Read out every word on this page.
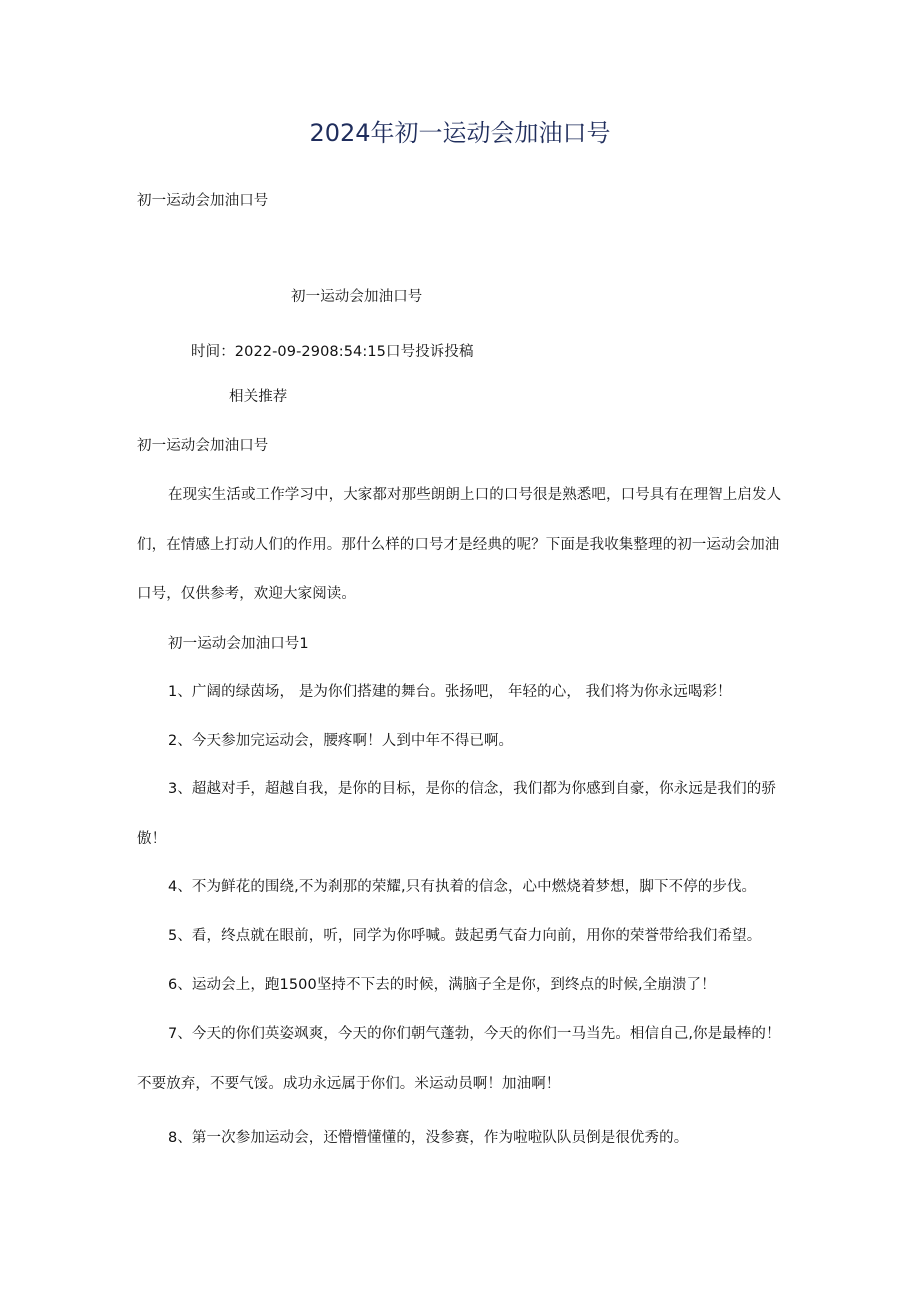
2024年初一运动会加油口号
初一运动会加油口号
初一运动会加油口号
时间：2022-09-2908:54:15口号投诉投稿
相关推荐
初一运动会加油口号
在现实生活或工作学习中，大家都对那些朗朗上口的口号很是熟悉吧，口号具有在理智上启发人
们，在情感上打动人们的作用。那什么样的口号才是经典的呢？下面是我收集整理的初一运动会加油
口号，仅供参考，欢迎大家阅读。
初一运动会加油口号1
1、广阔的绿茵场， 是为你们搭建的舞台。张扬吧， 年轻的心， 我们将为你永远喝彩！
2、今天参加完运动会，腰疼啊！人到中年不得已啊。
3、超越对手，超越自我，是你的目标，是你的信念，我们都为你感到自豪，你永远是我们的骄
傲！
4、不为鲜花的围绕,不为刹那的荣耀,只有执着的信念，心中燃烧着梦想，脚下不停的步伐。
5、看，终点就在眼前，听，同学为你呼喊。鼓起勇气奋力向前，用你的荣誉带给我们希望。
6、运动会上，跑1500坚持不下去的时候，满脑子全是你，到终点的时候,全崩溃了！
7、今天的你们英姿飒爽，今天的你们朝气蓬勃，今天的你们一马当先。相信自己,你是最棒的！
不要放弃，不要气馁。成功永远属于你们。米运动员啊！加油啊！
8、第一次参加运动会，还懵懵懂懂的，没参赛，作为啦啦队队员倒是很优秀的。
